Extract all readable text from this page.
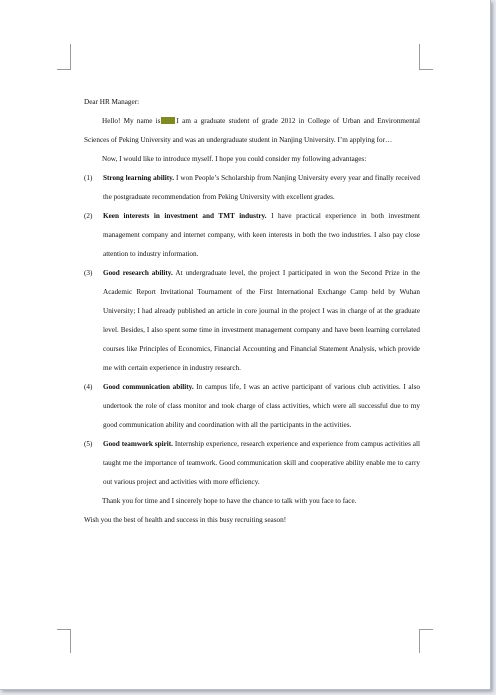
Dear HR Manager:

Hello! My name is I am a graduate student of grade 2012 in College of Urban and Environmental Sciences of Peking University and was an undergraduate student in Nanjing University. I’m applying for…

Now, I would like to introduce myself. I hope you could consider my following advantages:

(1) Strong learning ability. I won People’s Scholarship from Nanjing University every year and finally received the postgraduate recommendation from Peking University with excellent grades.

(2) Keen interests in investment and TMT industry. I have practical experience in both investment management company and internet company, with keen interests in both the two industries. I also pay close attention to industry information.

(3) Good research ability. At undergraduate level, the project I participated in won the Second Prize in the Academic Report Invitational Tournament of the First International Exchange Camp held by Wuhan University; I had already published an article in core journal in the project I was in charge of at the graduate level. Besides, I also spent some time in investment management company and have been learning correlated courses like Principles of Economics, Financial Accounting and Financial Statement Analysis, which provide me with certain experience in industry research.

(4) Good communication ability. In campus life, I was an active participant of various club activities. I also undertook the role of class monitor and took charge of class activities, which were all successful due to my good communication ability and coordination with all the participants in the activities.

(5) Good teamwork spirit. Internship experience, research experience and experience from campus activities all taught me the importance of teamwork. Good communication skill and cooperative ability enable me to carry out various project and activities with more efficiency.

Thank you for time and I sincerely hope to have the chance to talk with you face to face.

Wish you the best of health and success in this busy recruiting season!
